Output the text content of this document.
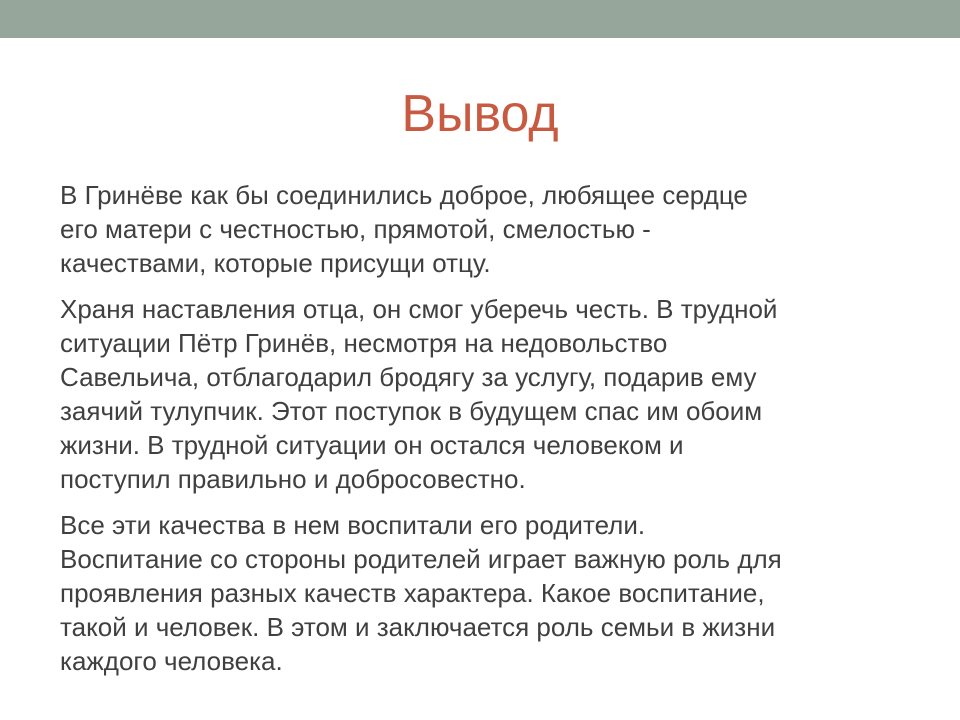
Вывод

В Гринёве как бы соединились доброе, любящее сердце
его матери с честностью, прямотой, смелостью -
качествами, которые присущи отцу.

Храня наставления отца, он смог уберечь честь. В трудной
ситуации Пётр Гринёв, несмотря на недовольство
Савельича, отблагодарил бродягу за услугу, подарив ему
заячий тулупчик. Этот поступок в будущем спас им обоим
жизни. В трудной ситуации он остался человеком и
поступил правильно и добросовестно.

Все эти качества в нем воспитали его родители.
Воспитание со стороны родителей играет важную роль для
проявления разных качеств характера. Какое воспитание,
такой и человек. В этом и заключается роль семьи в жизни
каждого человека.
